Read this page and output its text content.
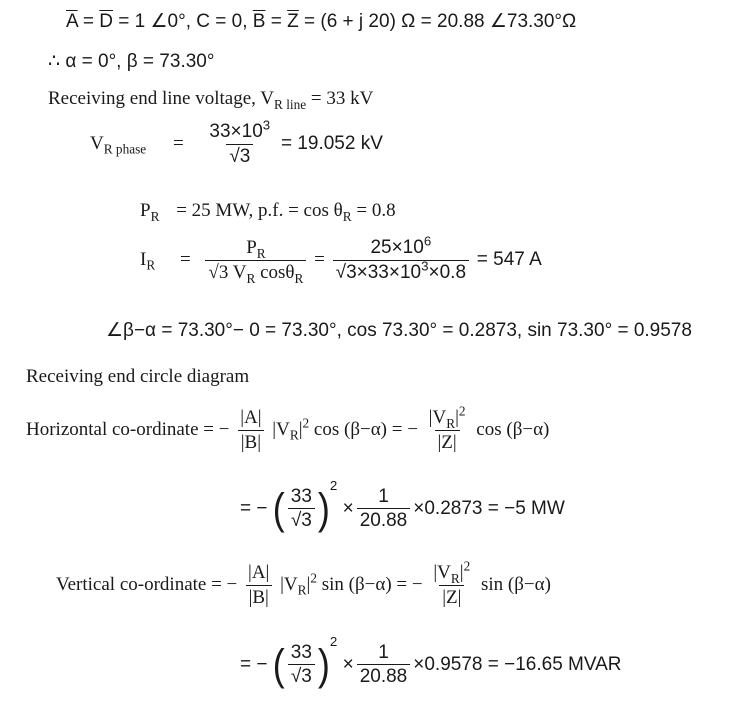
$\overline{A} = \overline{D} = 1$ ∠0°, C = 0, $\overline{B} = \overline{Z} = (6 + j$ 20) Ω = 20.88 ∠73.30°Ω
∴ α = 0°, β = 73.30°
Receiving end line voltage, $V_{R line} = 33$ kV
$V_{R phase} = \frac{33\times 10^3}{√3} = 19.052$ kV
$P_R = 25$ MW, p.f. = $\cos \theta_R = 0.8$
$I_R = \frac{P_R}{√3 V_R \cos\theta_R} = \frac{25\times 10^6}{√3\times 33\times 10^3\times 0.8} = 547$ A
∠β−α = 73.30°− 0 = 73.30°, cos 73.30° = 0.2873, sin 73.30° = 0.9578
Receiving end circle diagram
Horizontal co-ordinate = − $\frac{|A|}{|B|} |V_R|^2$ cos (β−α) = − $\frac{|V_R|^2}{|Z|}$ cos (β−α)
= − ( $\frac{33}{√3} )^2 \times \frac{1}{20.88} \times 0.2873 = -5$ MW
Vertical co-ordinate = − $\frac{|A|}{|B|} |V_R|^2$ sin (β−α) = − $\frac{|V_R|^2}{|Z|}$ sin (β−α)
= − ( $\frac{33}{√3} )^2 \times \frac{1}{20.88} \times 0.9578 = -16.65$ MVAR
